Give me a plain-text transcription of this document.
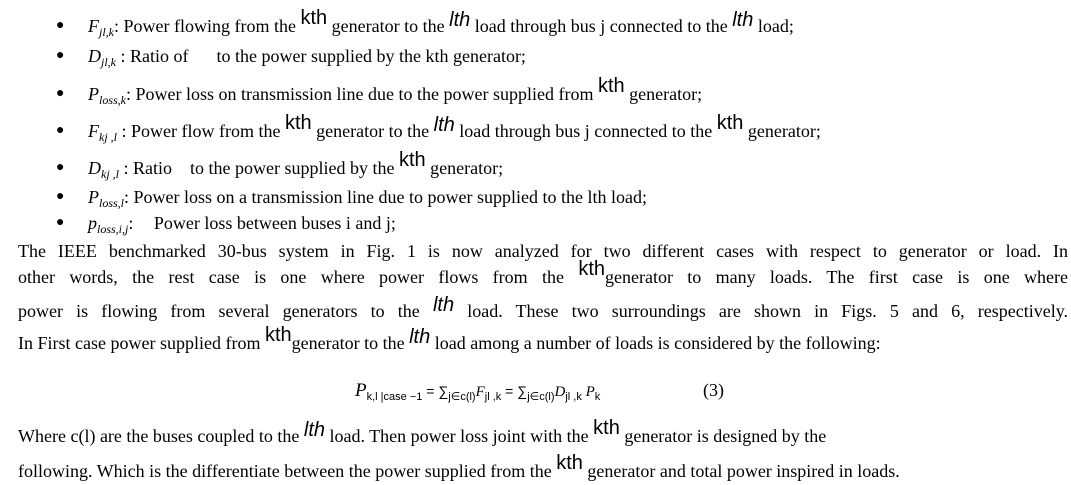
● $F_{jl,k}$: Power flowing from the kth generator to the lth load through bus j connected to the lth load;
● $D_{jl,k}$ : Ratio of to the power supplied by the kth generator;
● $P_{loss,k}$: Power loss on transmission line due to the power supplied from kth generator;
● $F_{kj ,l}$ : Power flow from the kth generator to the lth load through bus j connected to the kth generator;
● $D_{kj ,l}$ : Ratio to the power supplied by the kth generator;
● $P_{loss,l}$: Power loss on a transmission line due to power supplied to the lth load;
● $p_{loss,i,j}$: Power loss between buses i and j;
The IEEE benchmarked 30-bus system in Fig. 1 is now analyzed for two different cases with respect to generator or load. In
other words, the rest case is one where power flows from the kthgenerator to many loads. The first case is one where
power is flowing from several generators to the lth load. These two surroundings are shown in Figs. 5 and 6, respectively.
In First case power supplied from kthgenerator to the lth load among a number of loads is considered by the following:
$P_{k,l |case -1} = \sum_{j\in c(l)}F_{jl ,k} = \sum_{j\in c(l)}D_{jl ,k}$ $P_k$	(3)
Where c(l) are the buses coupled to the lth load. Then power loss joint with the kth generator is designed by the
following. Which is the differentiate between the power supplied from the kth generator and total power inspired in loads.
